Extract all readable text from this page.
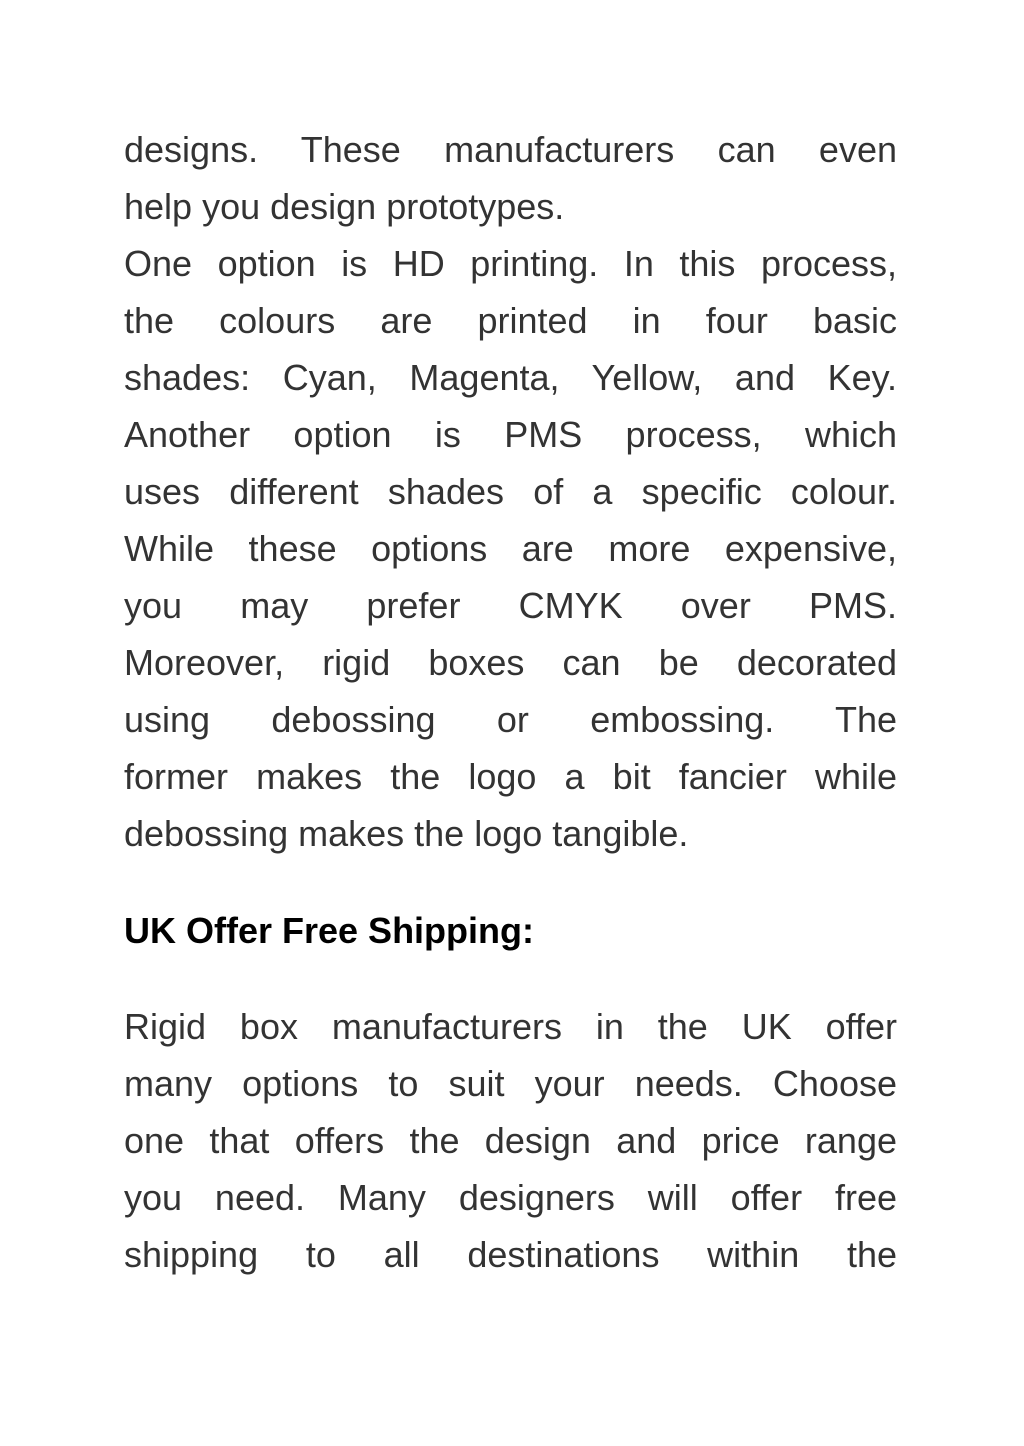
designs. These manufacturers can even
help you design prototypes.
One option is HD printing. In this process,
the colours are printed in four basic
shades: Cyan, Magenta, Yellow, and Key.
Another option is PMS process, which
uses different shades of a specific colour.
While these options are more expensive,
you may prefer CMYK over PMS.
Moreover, rigid boxes can be decorated
using debossing or embossing. The
former makes the logo a bit fancier while
debossing makes the logo tangible.
UK Offer Free Shipping:
Rigid box manufacturers in the UK offer
many options to suit your needs. Choose
one that offers the design and price range
you need. Many designers will offer free
shipping to all destinations within the
